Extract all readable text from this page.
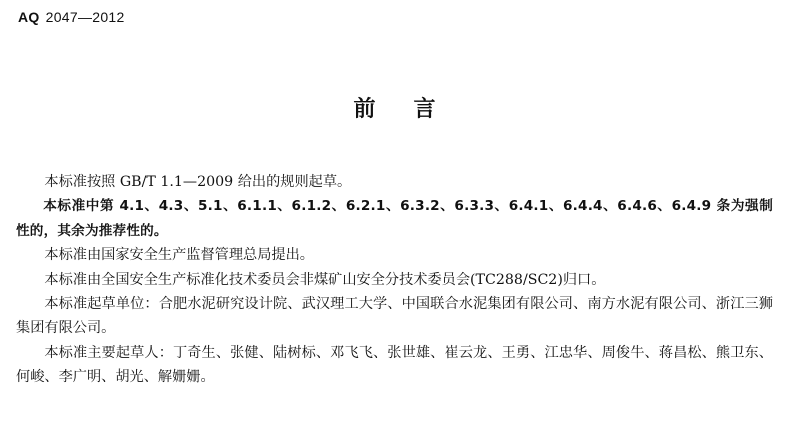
AQ 2047—2012
前言

本标准按照 GB/T 1.1—2009 给出的规则起草。

本标准中第 4.1、4.3、5.1、6.1.1、6.1.2、6.2.1、6.3.2、6.3.3、6.4.1、6.4.4、6.4.6、6.4.9 条为强制性的，其余为推荐性的。

本标准由国家安全生产监督管理总局提出。

本标准由全国安全生产标准化技术委员会非煤矿山安全分技术委员会(TC288/SC2)归口。

本标准起草单位：合肥水泥研究设计院、武汉理工大学、中国联合水泥集团有限公司、南方水泥有限公司、浙江三狮集团有限公司。

本标准主要起草人：丁奇生、张健、陆树标、邓飞飞、张世雄、崔云龙、王勇、江忠华、周俊牛、蒋昌松、熊卫东、何峻、李广明、胡光、解姗姗。
